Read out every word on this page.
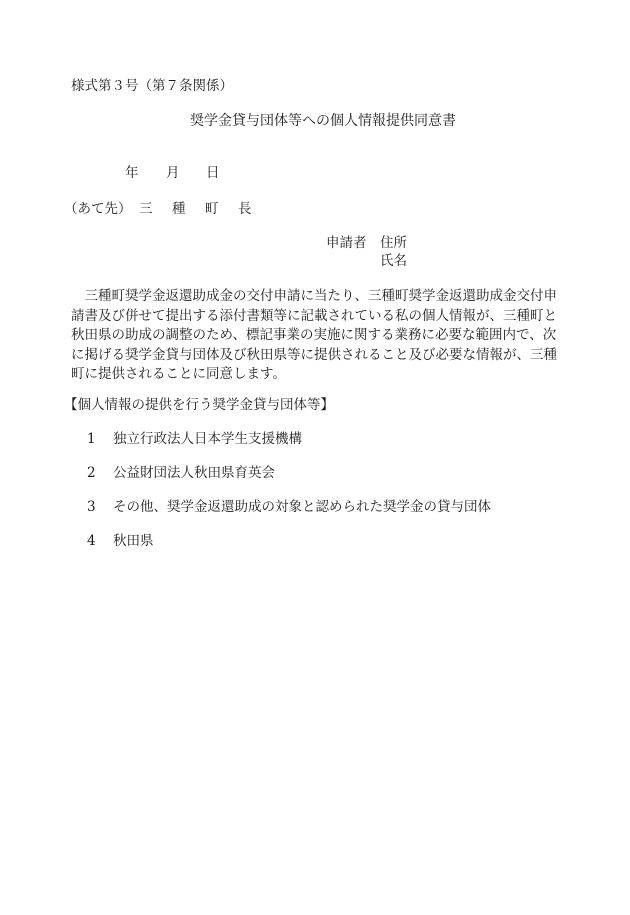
様式第３号（第７条関係）
奨学金貸与団体等への個人情報提供同意書
年 月 日
（あて先） 三 種 町 長
申請者 住所
氏名

　三種町奨学金返還助成金の交付申請に当たり、三種町奨学金返還助成金交付申請書及び併せて提出する添付書類等に記載されている私の個人情報が、三種町と秋田県の助成の調整のため、標記事業の実施に関する業務に必要な範囲内で、次に掲げる奨学金貸与団体及び秋田県等に提供されること及び必要な情報が、三種町に提供されることに同意します。

【個人情報の提供を行う奨学金貸与団体等】
1 独立行政法人日本学生支援機構
2 公益財団法人秋田県育英会
3 その他、奨学金返還助成の対象と認められた奨学金の貸与団体
4 秋田県
